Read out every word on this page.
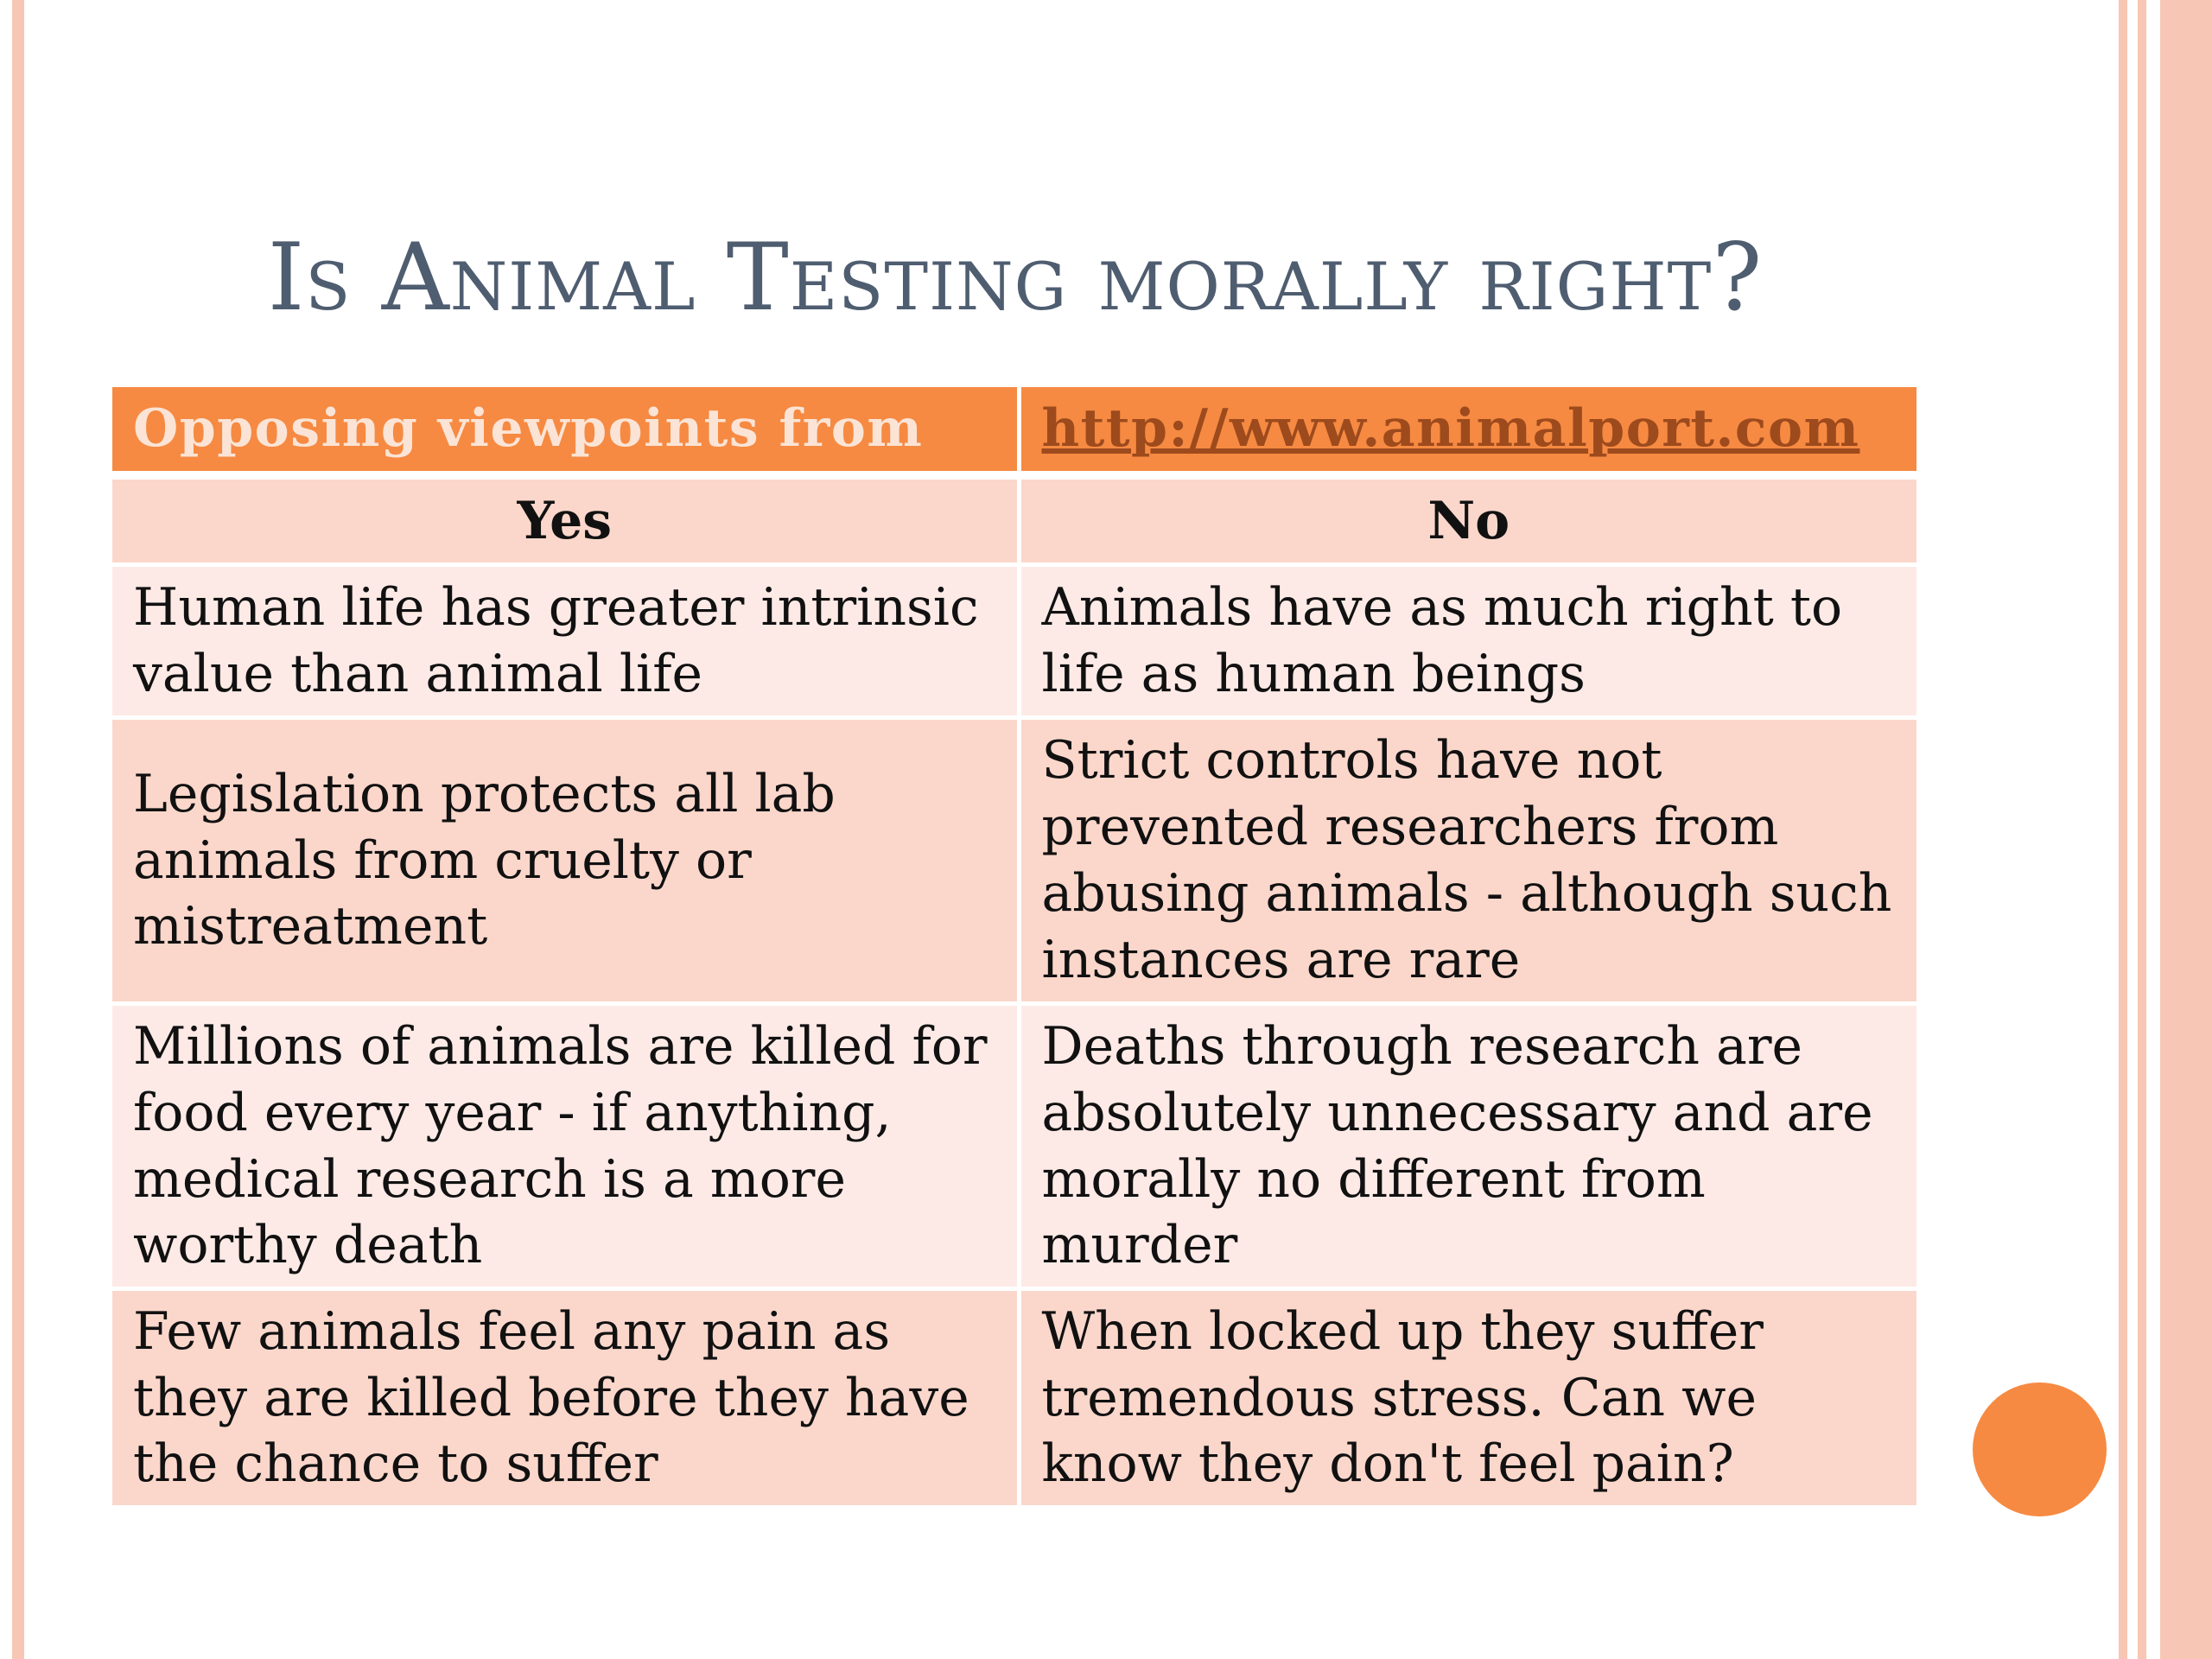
Is Animal Testing morally right?
Opposing viewpoints from	http://www.animalport.com
Yes	No
Human life has greater intrinsic value than animal life	Animals have as much right to life as human beings
Legislation protects all lab animals from cruelty or mistreatment	Strict controls have not prevented researchers from abusing animals - although such instances are rare
Millions of animals are killed for food every year - if anything, medical research is a more worthy death	Deaths through research are absolutely unnecessary and are morally no different from murder
Few animals feel any pain as they are killed before they have the chance to suffer	When locked up they suffer tremendous stress. Can we know they don't feel pain?
